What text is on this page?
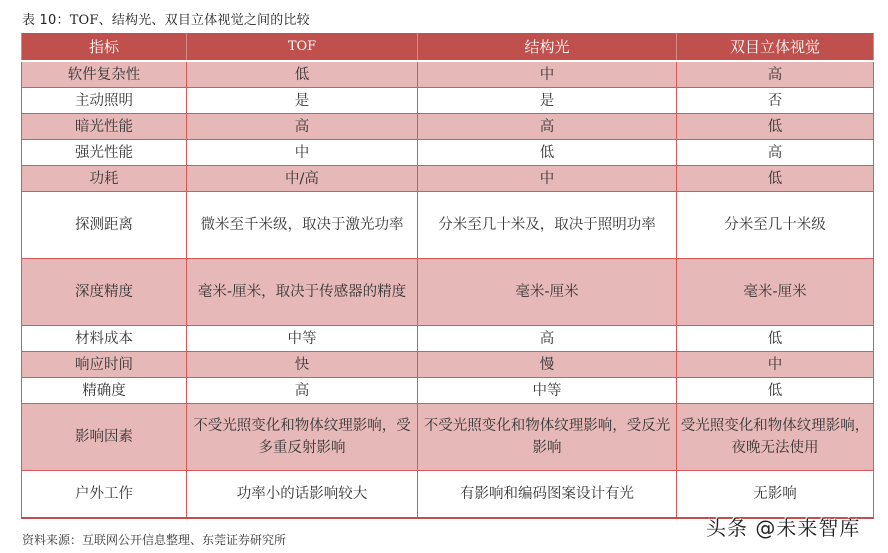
表 10：TOF、结构光、双目立体视觉之间的比较
指标	TOF	结构光	双目立体视觉
软件复杂性	低	中	高
主动照明	是	是	否
暗光性能	高	高	低
强光性能	中	低	高
功耗	中/高	中	低
探测距离	微米至千米级，取决于激光功率	分米至几十米及，取决于照明功率	分米至几十米级
深度精度	毫米-厘米，取决于传感器的精度	毫米-厘米	毫米-厘米
材料成本	中等	高	低
响应时间	快	慢	中
精确度	高	中等	低
影响因素	不受光照变化和物体纹理影响，受多重反射影响	不受光照变化和物体纹理影响，受反光影响	受光照变化和物体纹理影响，夜晚无法使用
户外工作	功率小的话影响较大	有影响和编码图案设计有光	无影响
资料来源：互联网公开信息整理、东莞证券研究所	头条 @未来智库
